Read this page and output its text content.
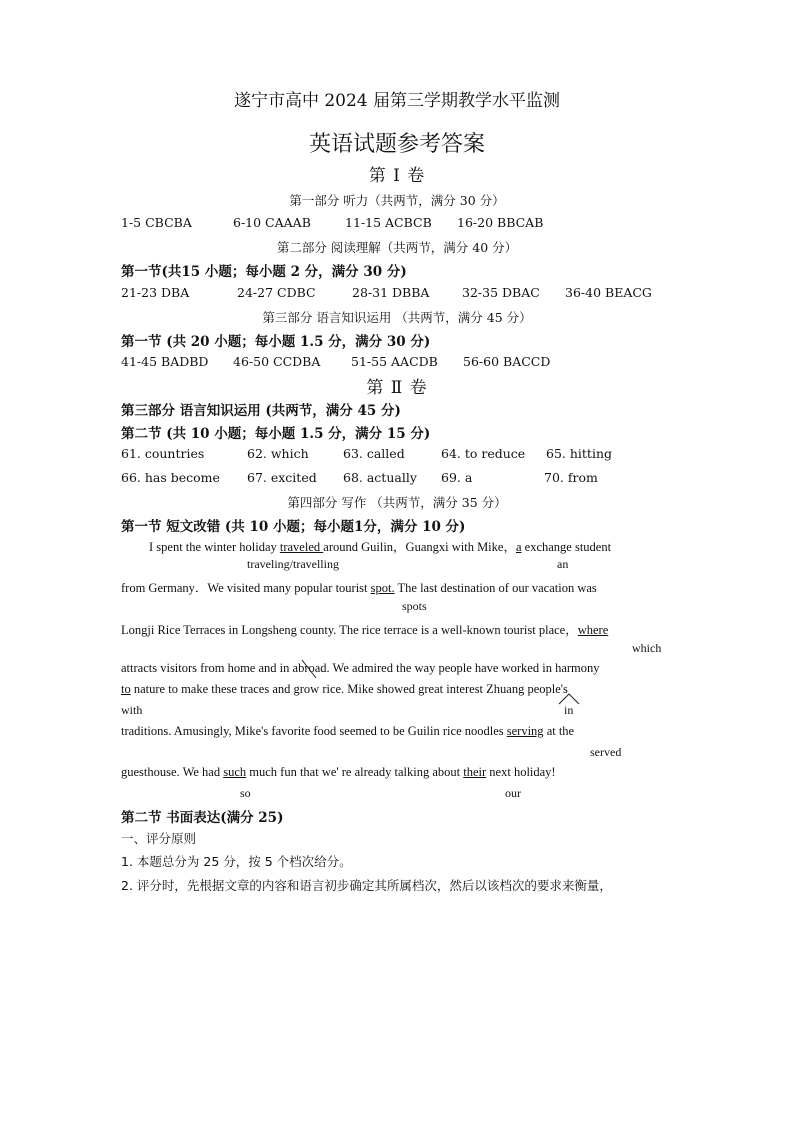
遂宁市高中 2024 届第三学期教学水平监测
英语试题参考答案
第 Ⅰ 卷
第一部分 听力（共两节，满分 30 分）
1-5 CBCBA	6-10 CAAAB	11-15 ACBCB 16-20 BBCAB
第二部分 阅读理解（共两节，满分 40 分）
第一节(共15 小题；每小题 2 分，满分 30 分)
21-23 DBA	24-27 CDBC	28-31 DBBA	32-35 DBAC 36-40 BEACG
第三部分 语言知识运用 （共两节，满分 45 分）
第一节 (共 20 小题；每小题 1.5 分，满分 30 分)
41-45 BADBD 46-50 CCDBA 51-55 AACDB 56-60 BACCD
第 Ⅱ 卷
第三部分 语言知识运用 (共两节，满分 45 分)
第二节 (共 10 小题；每小题 1.5 分，满分 15 分)
61. countries	62. which	63. called	64. to reduce 65. hitting
66. has become 67. excited 68. actually 69. a	70. from
第四部分 写作 （共两节，满分 35 分）
第一节 短文改错 (共 10 小题；每小题1分，满分 10 分)
I spent the winter holiday traveled around Guilin，Guangxi with Mike，a exchange student
traveling/travelling	an
from Germany．We visited many popular tourist spot. The last destination of our vacation was
spots
Longji Rice Terraces in Longsheng county. The rice terrace is a well-known tourist place，where
which
attracts visitors from home and in abroad. We admired the way people have worked in harmony
to nature to make these traces and grow rice. Mike showed great interest Zhuang people's
with	in
traditions. Amusingly, Mike's favorite food seemed to be Guilin rice noodles serving at the
served
guesthouse. We had such much fun that we' re already talking about their next holiday!
so	our
第二节 书面表达(满分 25)
一、评分原则
1. 本题总分为 25 分，按 5 个档次给分。
2. 评分时，先根据文章的内容和语言初步确定其所属档次，然后以该档次的要求来衡量，
